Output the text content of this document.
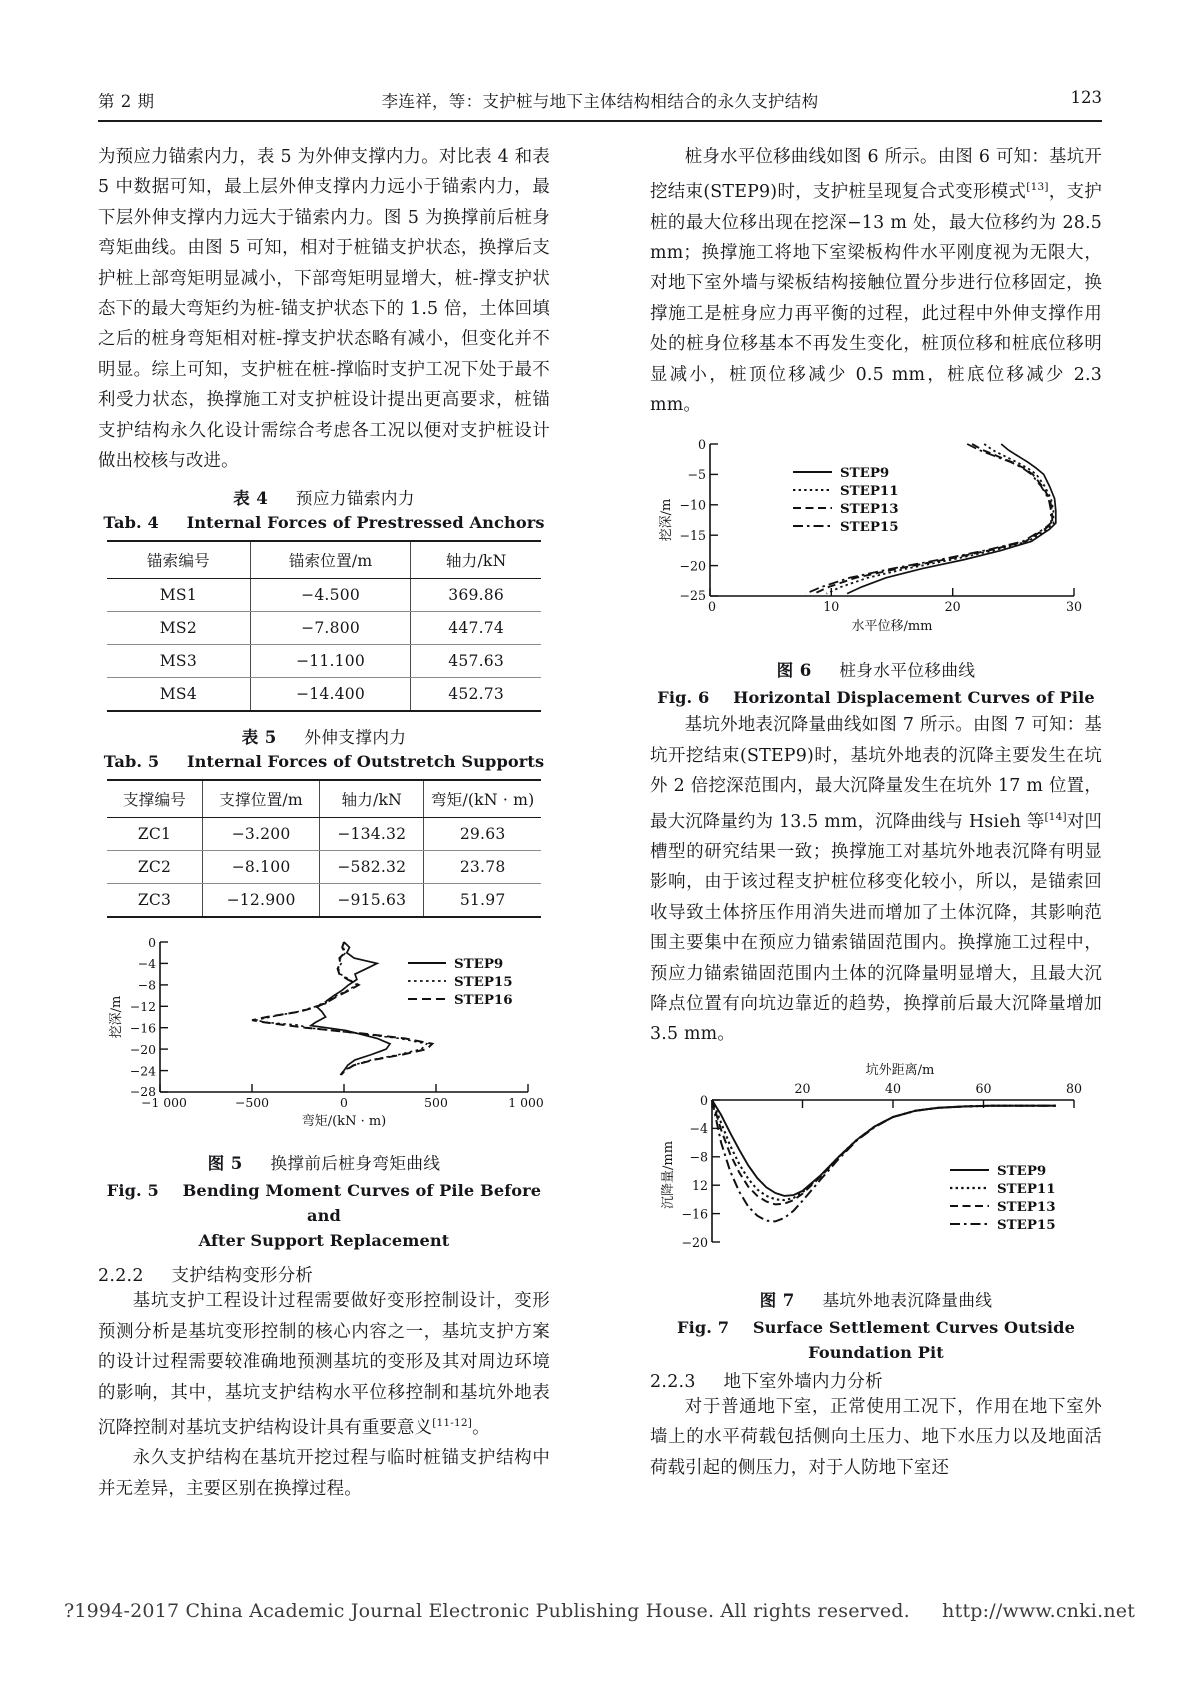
第 2 期	李连祥，等：支护桩与地下主体结构相结合的永久支护结构	123

为预应力锚索内力，表 5 为外伸支撑内力。对比表 4 和表 5 中数据可知，最上层外伸支撑内力远小于锚索内力，最下层外伸支撑内力远大于锚索内力。图 5 为换撑前后桩身弯矩曲线。由图 5 可知，相对于桩锚支护状态，换撑后支护桩上部弯矩明显减小，下部弯矩明显增大，桩-撑支护状态下的最大弯矩约为桩-锚支护状态下的 1.5 倍，土体回填之后的桩身弯矩相对桩-撑支护状态略有减小，但变化并不明显。综上可知，支护桩在桩-撑临时支护工况下处于最不利受力状态，换撑施工对支护桩设计提出更高要求，桩锚支护结构永久化设计需综合考虑各工况以便对支护桩设计做出校核与改进。

表 4 预应力锚索内力
Tab. 4 Internal Forces of Prestressed Anchors
锚索编号	锚索位置/m	轴力/kN
MS1	−4.500	369.86
MS2	−7.800	447.74
MS3	−11.100	457.63
MS4	−14.400	452.73
表 5 外伸支撑内力
Tab. 5 Internal Forces of Outstretch Supports
支撑编号	支撑位置/m	轴力/kN	弯矩/(kN · m)
ZC1	−3.200	−134.32	29.63
ZC2	−8.100	−582.32	23.78
ZC3	−12.900	−915.63	51.97
0
−4
−8
−12
−16
−20
−24
−28
−1 000	−500	0	500	1 000
弯矩/(kN · m)
挖深/m
STEP9
STEP15
STEP16
图 5 换撑前后桩身弯矩曲线
Fig. 5 Bending Moment Curves of Pile Before and
After Support Replacement
2.2.2 支护结构变形分析

基坑支护工程设计过程需要做好变形控制设计，变形预测分析是基坑变形控制的核心内容之一，基坑支护方案的设计过程需要较准确地预测基坑的变形及其对周边环境的影响，其中，基坑支护结构水平位移控制和基坑外地表沉降控制对基坑支护结构设计具有重要意义[11-12]。

永久支护结构在基坑开挖过程与临时桩锚支护结构中并无差异，主要区别在换撑过程。

桩身水平位移曲线如图 6 所示。由图 6 可知：基坑开挖结束(STEP9)时，支护桩呈现复合式变形模式[13]，支护桩的最大位移出现在挖深−13 m 处，最大位移约为 28.5 mm；换撑施工将地下室梁板构件水平刚度视为无限大，对地下室外墙与梁板结构接触位置分步进行位移固定，换撑施工是桩身应力再平衡的过程，此过程中外伸支撑作用处的桩身位移基本不再发生变化，桩顶位移和桩底位移明显减小，桩顶位移减少 0.5 mm，桩底位移减少 2.3 mm。

0
−5
−10
−15
−20
−25
0	10	20	30
水平位移/mm
挖深/m
STEP9
STEP11
STEP13
STEP15
图 6 桩身水平位移曲线
Fig. 6 Horizontal Displacement Curves of Pile

基坑外地表沉降量曲线如图 7 所示。由图 7 可知：基坑开挖结束(STEP9)时，基坑外地表的沉降主要发生在坑外 2 倍挖深范围内，最大沉降量发生在坑外 17 m 位置，最大沉降量约为 13.5 mm，沉降曲线与 Hsieh 等[14]对凹槽型的研究结果一致；换撑施工对基坑外地表沉降有明显影响，由于该过程支护桩位移变化较小，所以，是锚索回收导致土体挤压作用消失进而增加了土体沉降，其影响范围主要集中在预应力锚索锚固范围内。换撑施工过程中，预应力锚索锚固范围内土体的沉降量明显增大，且最大沉降点位置有向坑边靠近的趋势，换撑前后最大沉降量增加 3.5 mm。

坑外距离/m
20	40	60	80
0
−4
−8
12
−16
−20
沉降量/mm	STEP9
STEP11
STEP13
STEP15
图 7 基坑外地表沉降量曲线
Fig. 7 Surface Settlement Curves Outside Foundation Pit
2.2.3 地下室外墙内力分析

对于普通地下室，正常使用工况下，作用在地下室外墙上的水平荷载包括侧向土压力、地下水压力以及地面活荷载引起的侧压力，对于人防地下室还

?1994-2017 China Academic Journal Electronic Publishing House. All rights reserved. http://www.cnki.net
